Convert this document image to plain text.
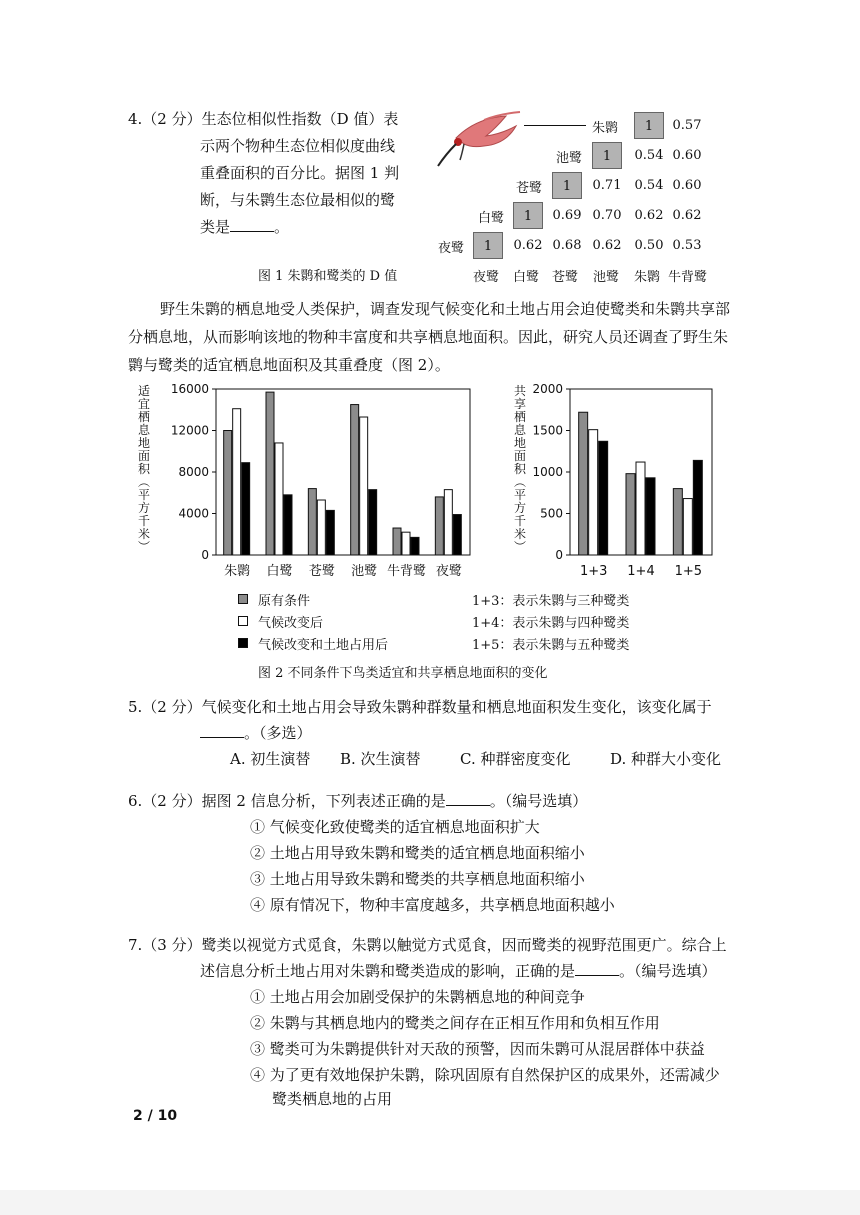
4.（2 分）生态位相似性指数（D 值）表
示两个物种生态位相似度曲线
重叠面积的百分比。据图 1 判
断，与朱鹮生态位最相似的鹭
类是	。
图 1 朱鹮和鹭类的 D 值
朱鹮	1	0.57
池鹭	1	0.54 0.60
苍鹭	1	0.71 0.54 0.60
白鹭	1	0.69 0.70 0.62 0.62
夜鹭	1	0.62 0.68 0.62 0.50 0.53
夜鹭 白鹭 苍鹭 池鹭 朱鹮 牛背鹭
野生朱鹮的栖息地受人类保护，调查发现气候变化和土地占用会迫使鹭类和朱鹮共享部
分栖息地，从而影响该地的物种丰富度和共享栖息地面积。因此，研究人员还调查了野生朱
鹮与鹭类的适宜栖息地面积及其重叠度（图 2）。
0
4000
8000
12000
16000
适
宜
栖
息
地
面
积
︵
平
方
千
米
︶
朱鹮 白鹭 苍鹭 池鹭 牛背鹭 夜鹭
0
500
1000
1500
2000
共
享
栖
息
地
面
积
︵
平
方
千
米
︶
1+3 1+4 1+5
原有条件
气候改变后
气候改变和土地占用后
1+3：表示朱鹮与三种鹭类
1+4：表示朱鹮与四种鹭类
1+5：表示朱鹮与五种鹭类
图 2 不同条件下鸟类适宜和共享栖息地面积的变化
5.（2 分）气候变化和土地占用会导致朱鹮种群数量和栖息地面积发生变化，该变化属于
。（多选）
A. 初生演替 B. 次生演替	C. 种群密度变化	D. 种群大小变化
6.（2 分）据图 2 信息分析，下列表述正确的是	。（编号选填）
① 气候变化致使鹭类的适宜栖息地面积扩大
② 土地占用导致朱鹮和鹭类的适宜栖息地面积缩小
③ 土地占用导致朱鹮和鹭类的共享栖息地面积缩小
④ 原有情况下，物种丰富度越多，共享栖息地面积越小
7.（3 分）鹭类以视觉方式觅食，朱鹮以触觉方式觅食，因而鹭类的视野范围更广。综合上
述信息分析土地占用对朱鹮和鹭类造成的影响，正确的是	。（编号选填）
① 土地占用会加剧受保护的朱鹮栖息地的种间竞争
② 朱鹮与其栖息地内的鹭类之间存在正相互作用和负相互作用
③ 鹭类可为朱鹮提供针对天敌的预警，因而朱鹮可从混居群体中获益
④ 为了更有效地保护朱鹮，除巩固原有自然保护区的成果外，还需减少
鹭类栖息地的占用
2 / 10
